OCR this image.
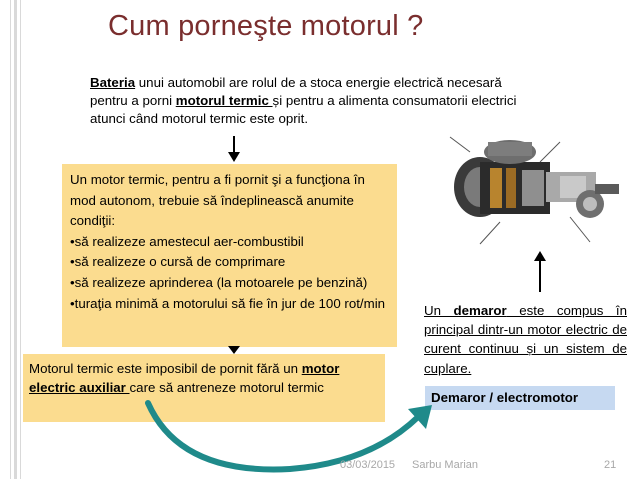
Cum porneşte motorul ?
Bateria unui automobil are rolul de a stoca energie electrică necesară pentru a porni motorul termic și pentru a alimenta consumatorii electrici atunci când motorul termic este oprit.
Un motor termic, pentru a fi pornit şi a funcţiona în mod autonom, trebuie să îndeplinească anumite condiţii:
•să realizeze amestecul aer-combustibil
•să realizeze o cursă de comprimare
•să realizeze aprinderea (la motoarele pe benzină)
•turaţia minimă a motorului să fie în jur de 100 rot/min
Motorul termic este imposibil de pornit fără un motor electric auxiliar care să antreneze motorul termic
Un demaror este compus în principal dintr-un motor electric de curent continuu și un sistem de cuplare.
Demaror / electromotor
03/03/2015 Sarbu Marian	21
